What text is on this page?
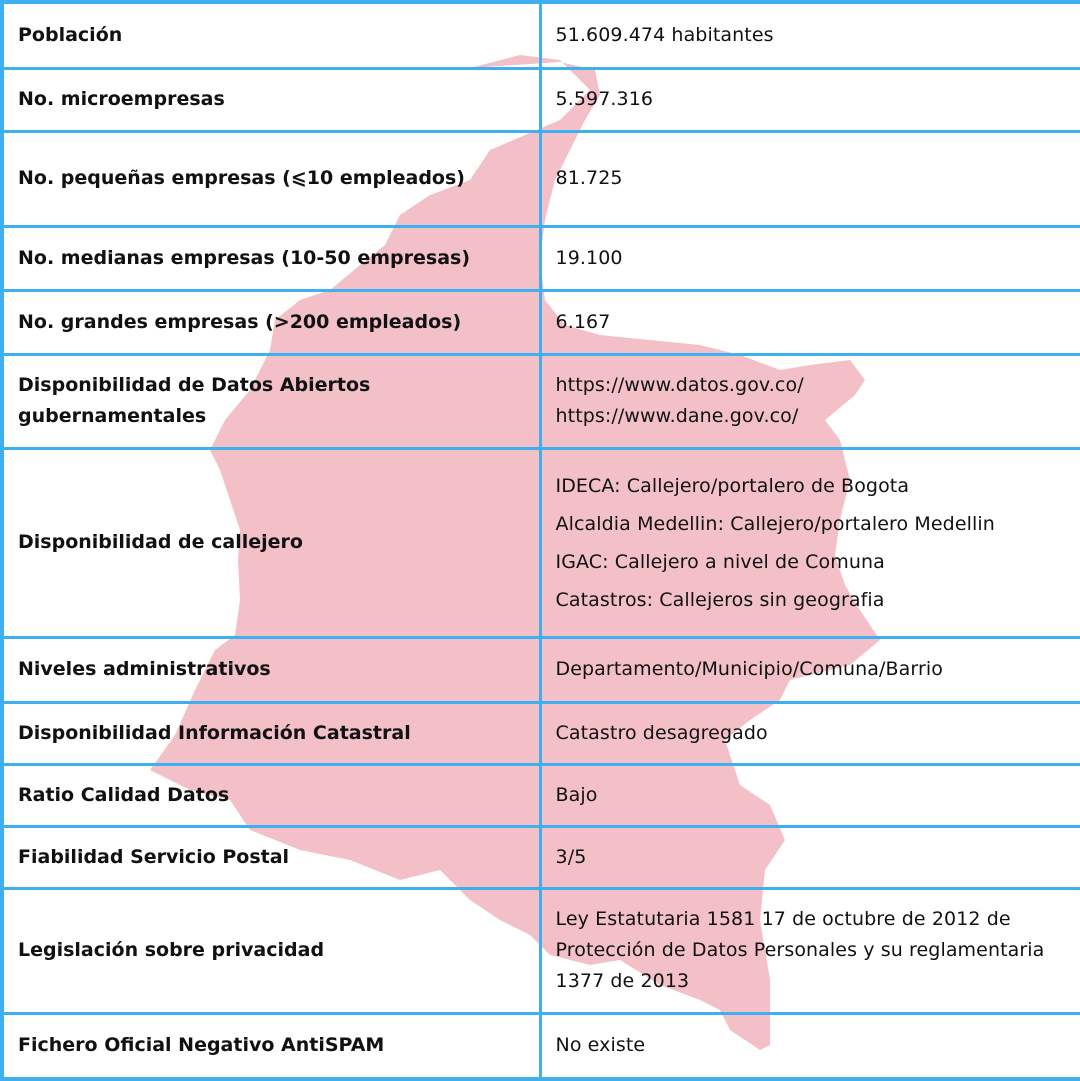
Población	51.609.474 habitantes

No. microempresas	5.597.316

No. pequeñas empresas (⩽10 empleados)	81.725

No. medianas empresas (10-50 empresas)	19.100

No. grandes empresas (>200 empleados)	6.167

Disponibilidad de Datos Abiertos gubernamentales	https://www.datos.gov.co/
https://www.dane.gov.co/

Disponibilidad de callejero	IDECA: Callejero/portalero de Bogota
Alcaldia Medellin: Callejero/portalero Medellin
IGAC: Callejero a nivel de Comuna
Catastros: Callejeros sin geografia

Niveles administrativos	Departamento/Municipio/Comuna/Barrio

Disponibilidad Información Catastral	Catastro desagregado

Ratio Calidad Datos	Bajo

Fiabilidad Servicio Postal	3/5

Legislación sobre privacidad	Ley Estatutaria 1581 17 de octubre de 2012 de Protección de Datos Personales y su reglamentaria 1377 de 2013

Fichero Oficial Negativo AntiSPAM	No existe
